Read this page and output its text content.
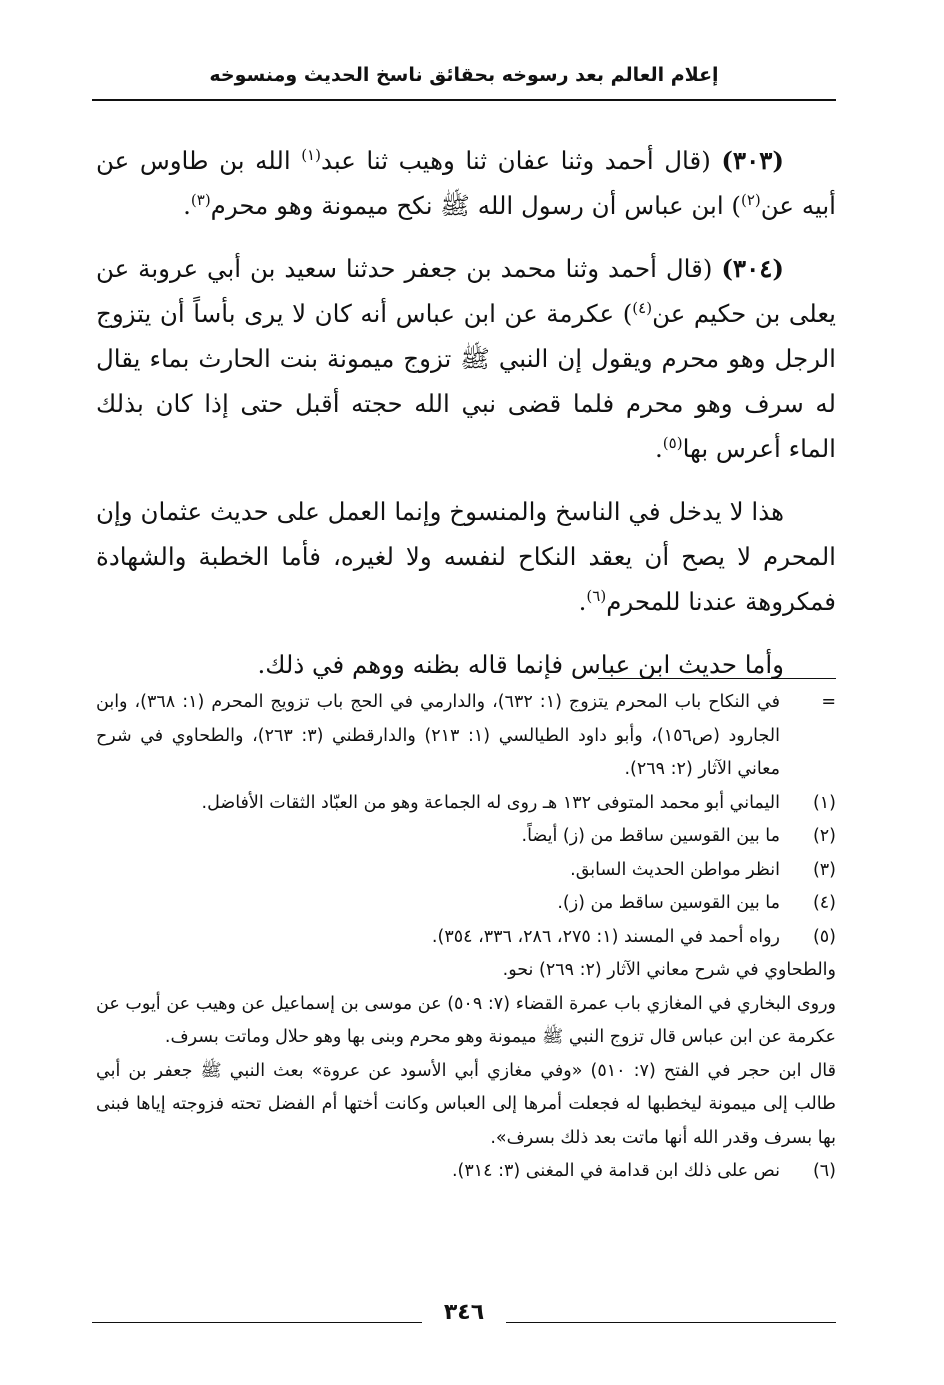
إعلام العالم بعد رسوخه بحقائق ناسخ الحديث ومنسوخه

(٣٠٣) (قال أحمد وثنا عفان ثنا وهيب ثنا عبد$^{(١)}$ الله بن طاوس عن أبيه عن$^{(٢)}$) ابن عباس أن رسول الله ﷺ نكح ميمونة وهو محرم$^{(٣)}$.

(٣٠٤) (قال أحمد وثنا محمد بن جعفر حدثنا سعيد بن أبي عروبة عن يعلى بن حكيم عن$^{(٤)}$) عكرمة عن ابن عباس أنه كان لا يرى بأساً أن يتزوج الرجل وهو محرم ويقول إن النبي ﷺ تزوج ميمونة بنت الحارث بماء يقال له سرف وهو محرم فلما قضى نبي الله حجته أقبل حتى إذا كان بذلك الماء أعرس بها$^{(٥)}$.

هذا لا يدخل في الناسخ والمنسوخ وإنما العمل على حديث عثمان وإن المحرم لا يصح أن يعقد النكاح لنفسه ولا لغيره، فأما الخطبة والشهادة فمكروهة عندنا للمحرم$^{(٦)}$.

وأما حديث ابن عباس فإنما قاله بظنه ووهم في ذلك.

=
في النكاح باب المحرم يتزوج (١: ٦٣٢)، والدارمي في الحج باب تزويج المحرم (١: ٣٦٨)، وابن الجارود (ص١٥٦)، وأبو داود الطيالسي (١: ٢١٣) والدارقطني (٣: ٢٦٣)، والطحاوي في شرح معاني الآثار (٢: ٢٦٩).
(١)
اليماني أبو محمد المتوفى ١٣٢ هـ روى له الجماعة وهو من العبّاد الثقات الأفاضل.
(٢)
ما بين القوسين ساقط من (ز) أيضاً.
(٣)
انظر مواطن الحديث السابق.
(٤)
ما بين القوسين ساقط من (ز).
(٥)
رواه أحمد في المسند (١: ٢٧٥، ٢٨٦، ٣٣٦، ٣٥٤).
والطحاوي في شرح معاني الآثار (٢: ٢٦٩) نحو.
وروى البخاري في المغازي باب عمرة القضاء (٧: ٥٠٩) عن موسى بن إسماعيل عن وهيب عن أيوب عن عكرمة عن ابن عباس قال تزوج النبي ﷺ ميمونة وهو محرم وبنى بها وهو حلال وماتت بسرف.
قال ابن حجر في الفتح (٧: ٥١٠) «وفي مغازي أبي الأسود عن عروة» بعث النبي ﷺ جعفر بن أبي طالب إلى ميمونة ليخطبها له فجعلت أمرها إلى العباس وكانت أختها أم الفضل تحته فزوجته إياها فبنى بها بسرف وقدر الله أنها ماتت بعد ذلك بسرف».
(٦)
نص على ذلك ابن قدامة في المغنى (٣: ٣١٤).
٣٤٦
